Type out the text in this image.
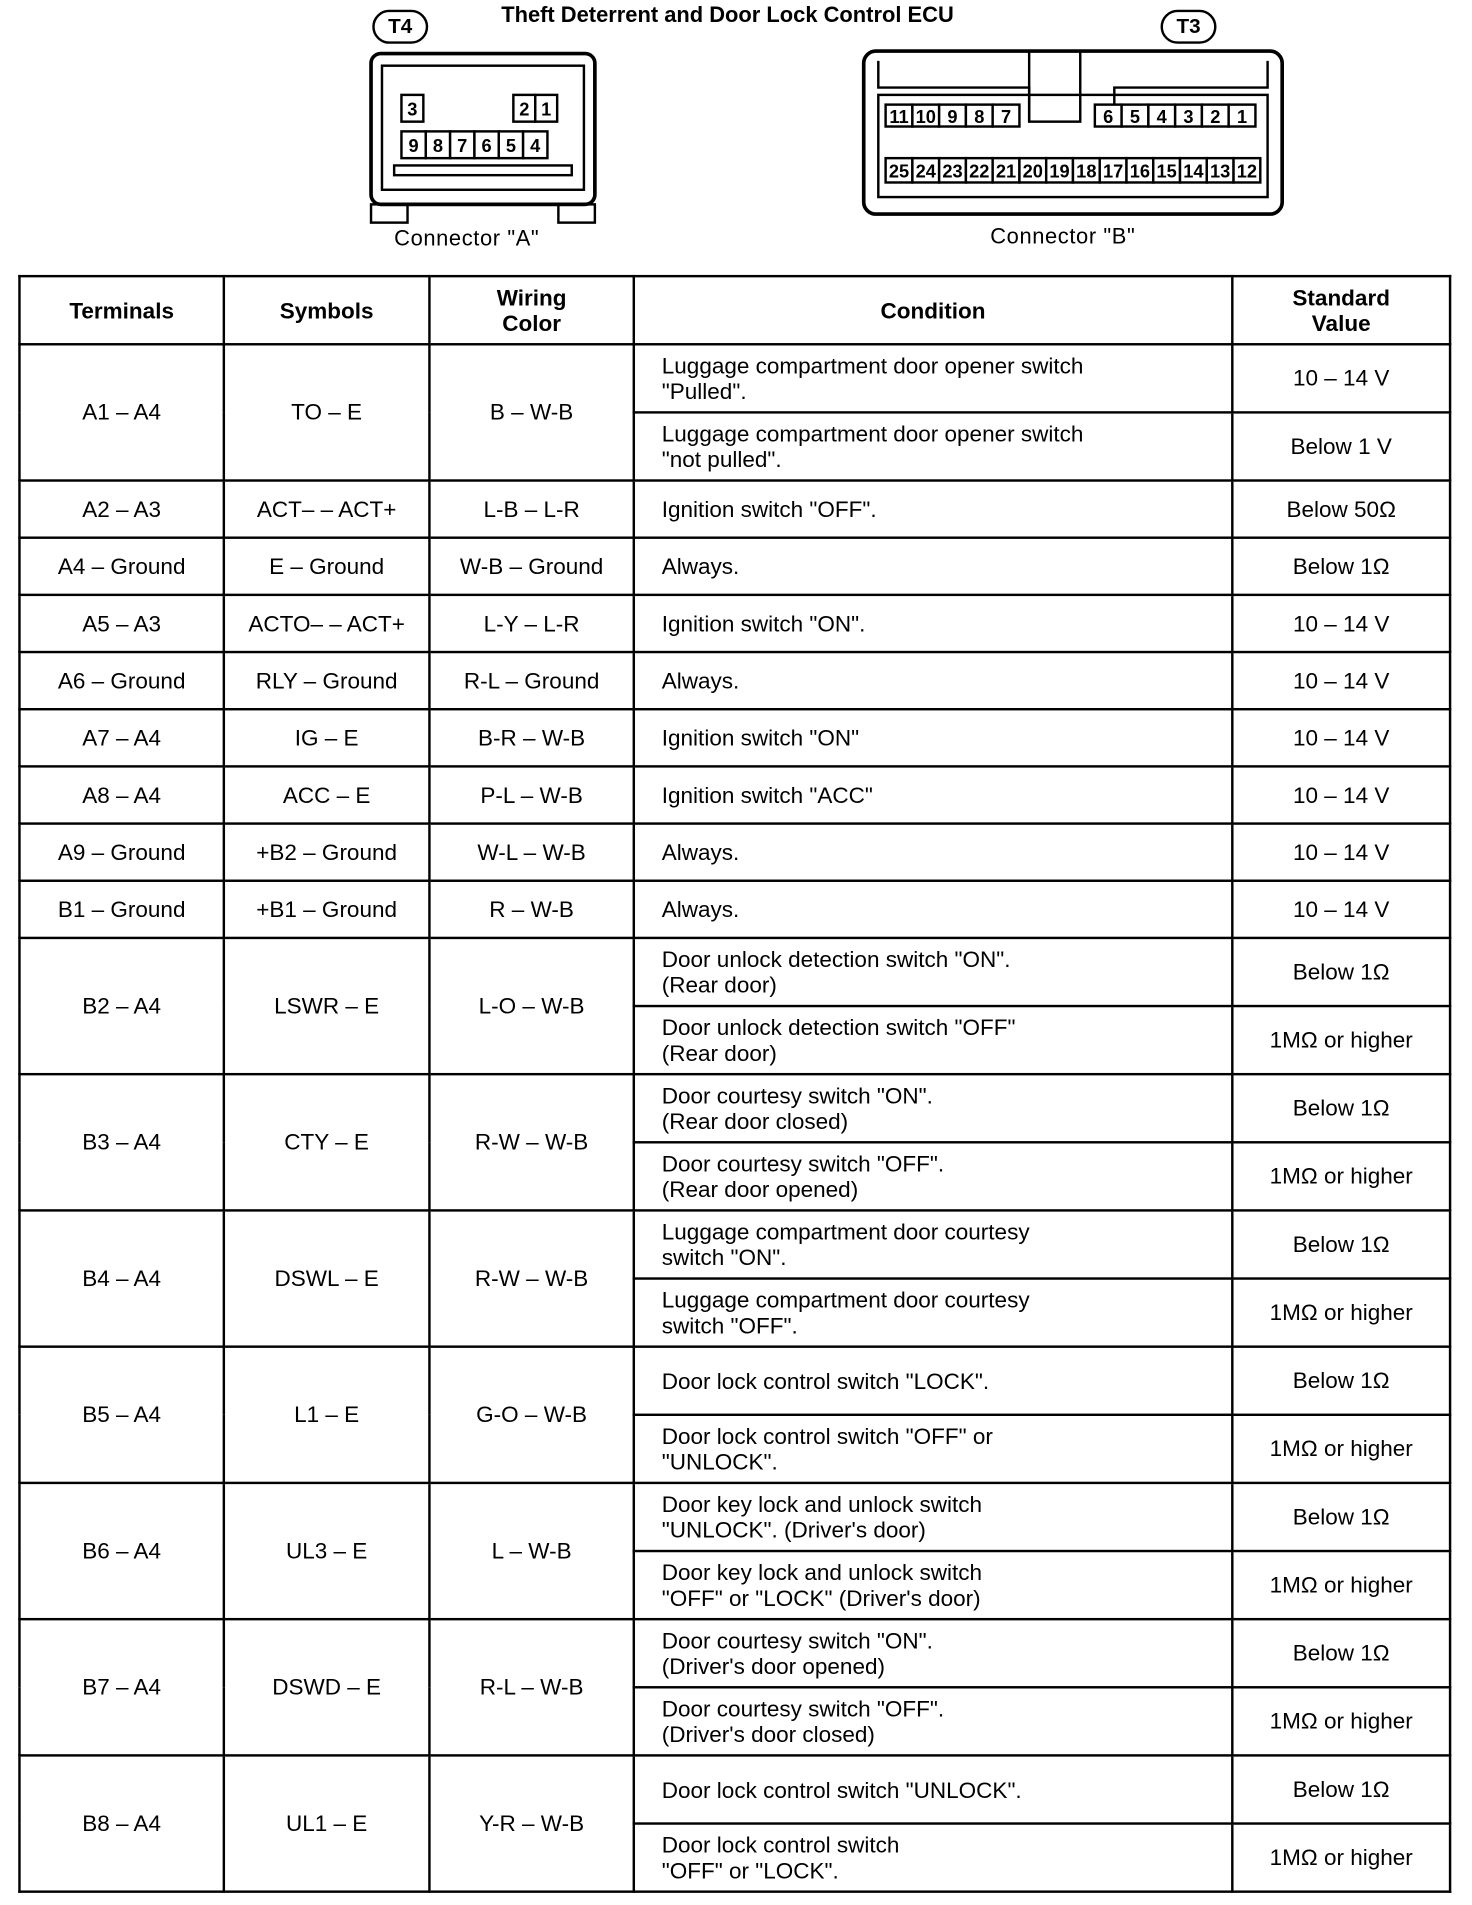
Theft Deterrent and Door Lock Control ECU
T4	T3
3	2 1
9 8 7 6 5 4
11 10 9 8 7	6 5 4 3 2 1
25 24 23 22 21 20 19 18 17 16 15 14 13 12
Connector "A"	Connector "B"
Terminals	Symbols	Wiring Color	Condition	Standard Value
A1 – A4	TO – E	B – W-B	Luggage compartment door opener switch
"Pulled".	10 – 14 V
			Luggage compartment door opener switch
"not pulled".	Below 1 V
A2 – A3	ACT– – ACT+	L-B – L-R	Ignition switch "OFF".	Below 50Ω
A4 – Ground	E – Ground	W-B – Ground	Always.	Below 1Ω
A5 – A3	ACTO– – ACT+	L-Y – L-R	Ignition switch "ON".	10 – 14 V
A6 – Ground	RLY – Ground	R-L – Ground	Always.	10 – 14 V
A7 – A4	IG – E	B-R – W-B	Ignition switch "ON"	10 – 14 V
A8 – A4	ACC – E	P-L – W-B	Ignition switch "ACC"	10 – 14 V
A9 – Ground	+B2 – Ground	W-L – W-B	Always.	10 – 14 V
B1 – Ground	+B1 – Ground	R – W-B	Always.	10 – 14 V
B2 – A4	LSWR – E	L-O – W-B	Door unlock detection switch "ON".
(Rear door)	Below 1Ω
			Door unlock detection switch "OFF"
(Rear door)	1MΩ or higher
B3 – A4	CTY – E	R-W – W-B	Door courtesy switch "ON".
(Rear door closed)	Below 1Ω
			Door courtesy switch "OFF".
(Rear door opened)	1MΩ or higher
B4 – A4	DSWL – E	R-W – W-B	Luggage compartment door courtesy
switch "ON".	Below 1Ω
			Luggage compartment door courtesy
switch "OFF".	1MΩ or higher
B5 – A4	L1 – E	G-O – W-B	Door lock control switch "LOCK".	Below 1Ω
			Door lock control switch "OFF" or
"UNLOCK".	1MΩ or higher
B6 – A4	UL3 – E	L – W-B	Door key lock and unlock switch
"UNLOCK". (Driver's door)	Below 1Ω
			Door key lock and unlock switch
"OFF" or "LOCK" (Driver's door)	1MΩ or higher
B7 – A4	DSWD – E	R-L – W-B	Door courtesy switch "ON".
(Driver's door opened)	Below 1Ω
			Door courtesy switch "OFF".
(Driver's door closed)	1MΩ or higher
B8 – A4	UL1 – E	Y-R – W-B	Door lock control switch "UNLOCK".	Below 1Ω
			Door lock control switch
"OFF" or "LOCK".	1MΩ or higher
